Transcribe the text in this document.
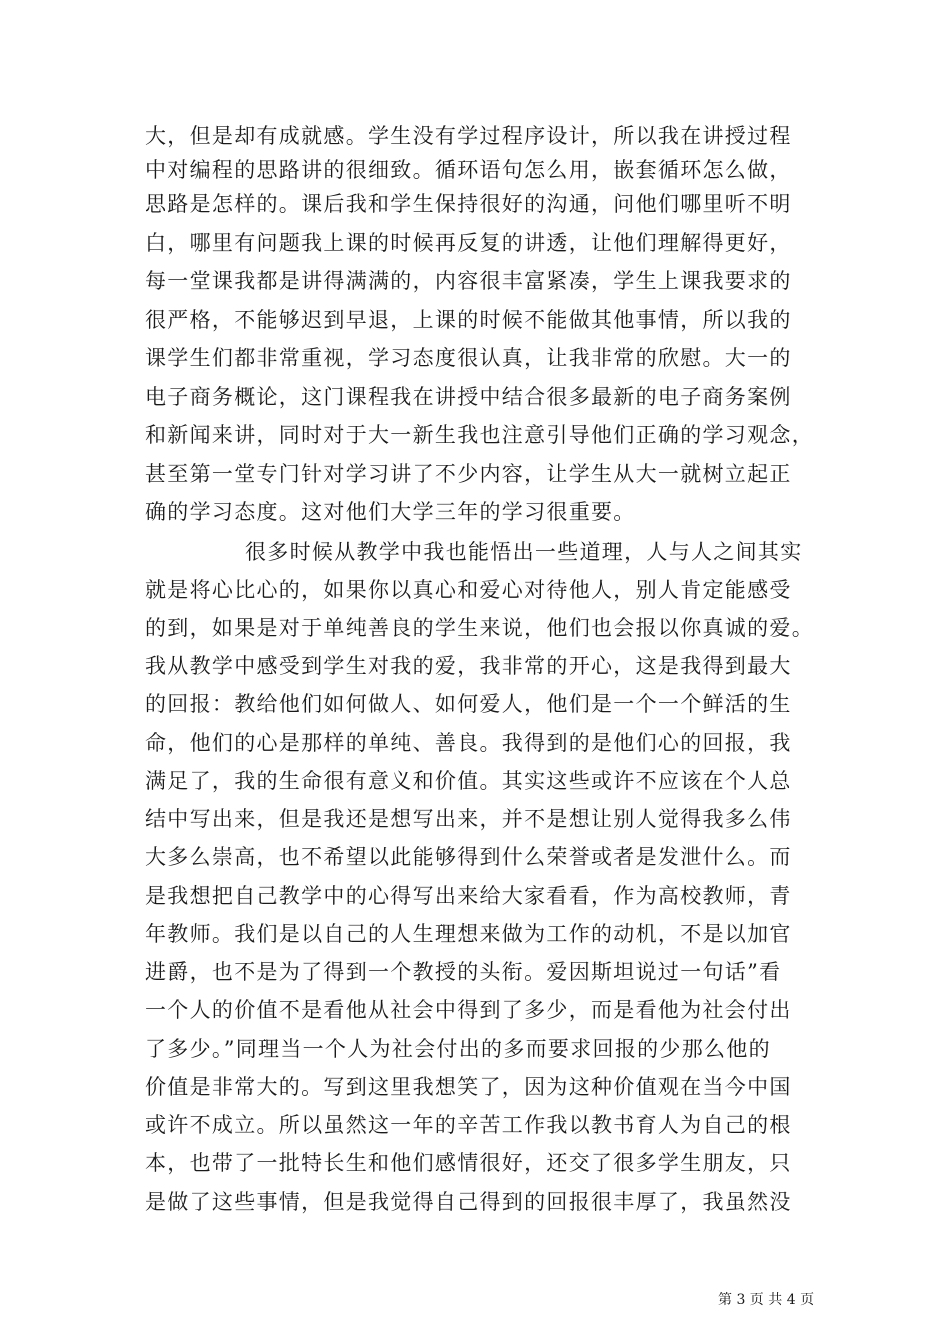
大，但是却有成就感。学生没有学过程序设计，所以我在讲授过程
中对编程的思路讲的很细致。循环语句怎么用，嵌套循环怎么做，
思路是怎样的。课后我和学生保持很好的沟通，问他们哪里听不明
白，哪里有问题我上课的时候再反复的讲透，让他们理解得更好，
每一堂课我都是讲得满满的，内容很丰富紧凑，学生上课我要求的
很严格，不能够迟到早退，上课的时候不能做其他事情，所以我的
课学生们都非常重视，学习态度很认真，让我非常的欣慰。大一的
电子商务概论，这门课程我在讲授中结合很多最新的电子商务案例
和新闻来讲，同时对于大一新生我也注意引导他们正确的学习观念，
甚至第一堂专门针对学习讲了不少内容，让学生从大一就树立起正
确的学习态度。这对他们大学三年的学习很重要。
很多时候从教学中我也能悟出一些道理，人与人之间其实
就是将心比心的，如果你以真心和爱心对待他人，别人肯定能感受
的到，如果是对于单纯善良的学生来说，他们也会报以你真诚的爱。
我从教学中感受到学生对我的爱，我非常的开心，这是我得到最大
的回报：教给他们如何做人、如何爱人，他们是一个一个鲜活的生
命，他们的心是那样的单纯、善良。我得到的是他们心的回报，我
满足了，我的生命很有意义和价值。其实这些或许不应该在个人总
结中写出来，但是我还是想写出来，并不是想让别人觉得我多么伟
大多么崇高，也不希望以此能够得到什么荣誉或者是发泄什么。而
是我想把自己教学中的心得写出来给大家看看，作为高校教师，青
年教师。我们是以自己的人生理想来做为工作的动机，不是以加官
进爵，也不是为了得到一个教授的头衔。爱因斯坦说过一句话”看
一个人的价值不是看他从社会中得到了多少，而是看他为社会付出
了多少。”同理当一个人为社会付出的多而要求回报的少那么他的
价值是非常大的。写到这里我想笑了，因为这种价值观在当今中国
或许不成立。所以虽然这一年的辛苦工作我以教书育人为自己的根
本，也带了一批特长生和他们感情很好，还交了很多学生朋友，只
是做了这些事情，但是我觉得自己得到的回报很丰厚了，我虽然没
第 3 页 共 4 页
